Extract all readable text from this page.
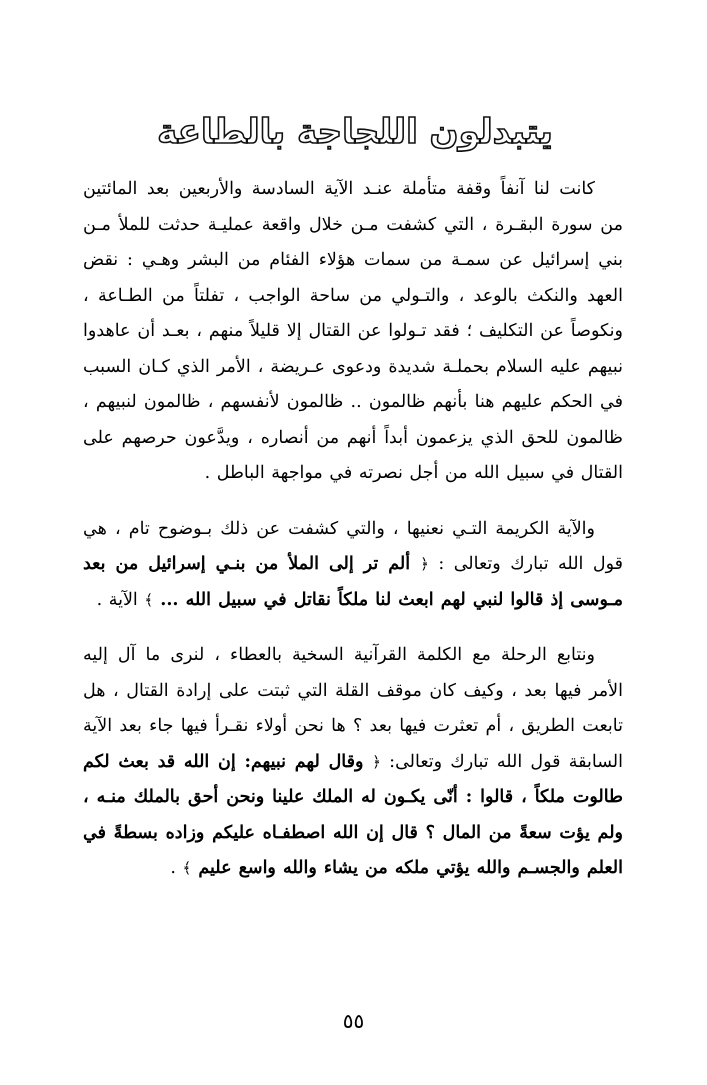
يتبدلون اللجاجة بالطاعة

كانت لنا آنفاً وقفة متأملة عنـد الآية السادسة والأربعين بعد المائتين من سورة البقـرة ، التي كشفت مـن خلال واقعة عمليـة حدثت للملأ مـن بني إسرائيل عن سمـة من سمات هؤلاء الفئام من البشر وهـي : نقض العهد والنكث بالوعد ، والتـولي من ساحة الواجب ، تفلتاً من الطـاعة ، ونكوصاً عن التكليف ؛ فقد تـولوا عن القتال إلا قليلاً منهم ، بعـد أن عاهدوا نبيهم عليه السلام بحملـة شديدة ودعوى عـريضة ، الأمر الذي كـان السبب في الحكم عليهم هنا بأنهم ظالمون .. ظالمون لأنفسهم ، ظالمون لنبيهم ، ظالمون للحق الذي يزعمون أبداً أنهم من أنصاره ، ويدَّعون حرصهم على القتال في سبيل الله من أجل نصرته في مواجهة الباطل .

والآية الكريمة التـي نعنيها ، والتي كشفت عن ذلك بـوضوح تام ، هي قول الله تبارك وتعالى : ﴿ ألم تر إلى الملأ من بنـي إسرائيل من بعد مـوسى إذ قالوا لنبي لهم ابعث لنا ملكاً نقاتل في سبيل الله ... ﴾ الآية .

ونتابع الرحلة مع الكلمة القرآنية السخية بالعطاء ، لنرى ما آل إليه الأمر فيها بعد ، وكيف كان موقف القلة التي ثبتت على إرادة القتال ، هل تابعت الطريق ، أم تعثرت فيها بعد ؟ ها نحن أولاء نقـرأ فيها جاء بعد الآية السابقة قول الله تبارك وتعالى: ﴿ وقال لهم نبيهم: إن الله قد بعث لكم طالوت ملكاً ، قالوا : أنّى يكـون له الملك علينا ونحن أحق بالملك منـه ، ولم يؤت سعةً من المال ؟ قال إن الله اصطفـاه عليكم وزاده بسطةً في العلم والجسـم والله يؤتي ملكه من يشاء والله واسع عليم ﴾ .

٥٥
